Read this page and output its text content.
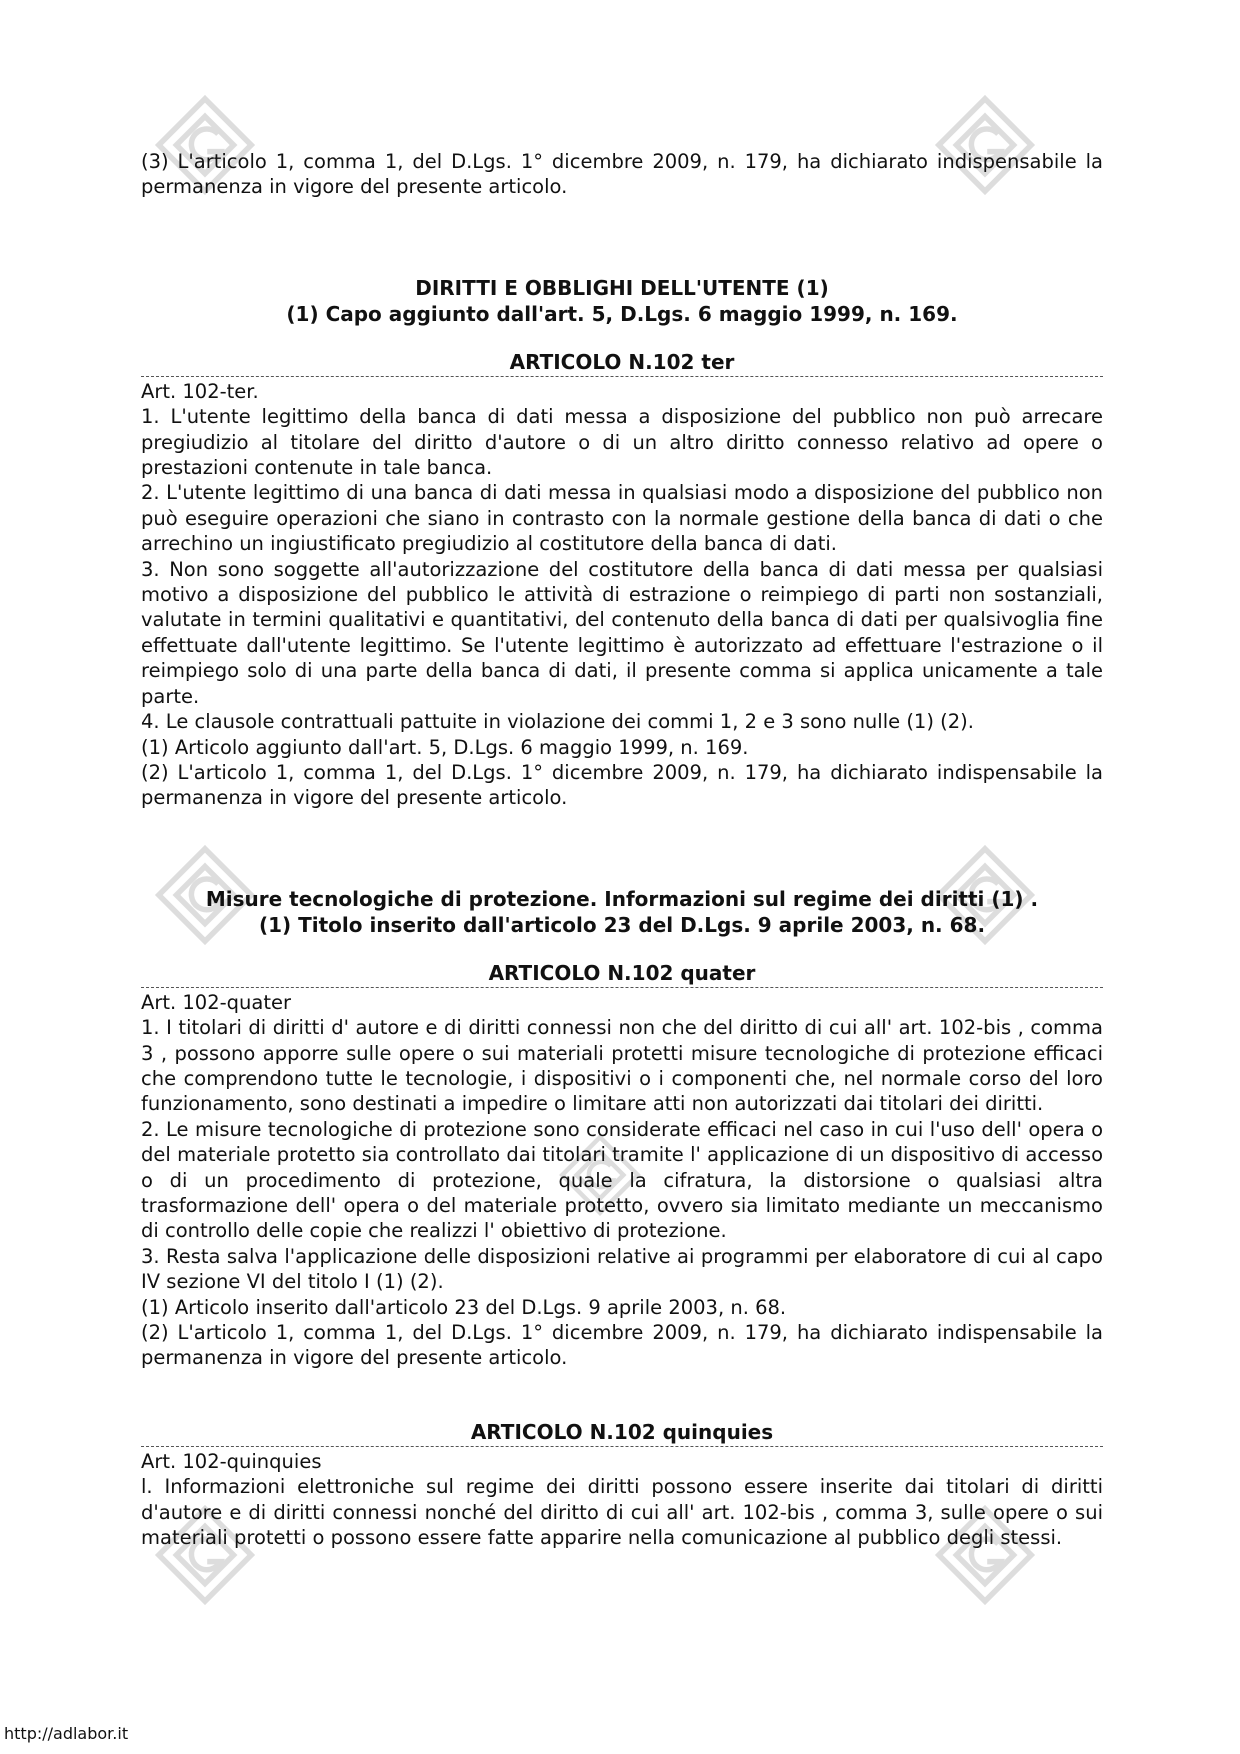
(3) L'articolo 1, comma 1, del D.Lgs. 1° dicembre 2009, n. 179, ha dichiarato indispensabile la permanenza in vigore del presente articolo.

DIRITTI E OBBLIGHI DELL'UTENTE (1)
(1) Capo aggiunto dall'art. 5, D.Lgs. 6 maggio 1999, n. 169.
ARTICOLO N.102 ter

Art. 102-ter.

1. L'utente legittimo della banca di dati messa a disposizione del pubblico non può arrecare pregiudizio al titolare del diritto d'autore o di un altro diritto connesso relativo ad opere o prestazioni contenute in tale banca.

2. L'utente legittimo di una banca di dati messa in qualsiasi modo a disposizione del pubblico non può eseguire operazioni che siano in contrasto con la normale gestione della banca di dati o che arrechino un ingiustificato pregiudizio al costitutore della banca di dati.

3. Non sono soggette all'autorizzazione del costitutore della banca di dati messa per qualsiasi motivo a disposizione del pubblico le attività di estrazione o reimpiego di parti non sostanziali, valutate in termini qualitativi e quantitativi, del contenuto della banca di dati per qualsivoglia fine effettuate dall'utente legittimo. Se l'utente legittimo è autorizzato ad effettuare l'estrazione o il reimpiego solo di una parte della banca di dati, il presente comma si applica unicamente a tale parte.

4. Le clausole contrattuali pattuite in violazione dei commi 1, 2 e 3 sono nulle (1) (2).

(1) Articolo aggiunto dall'art. 5, D.Lgs. 6 maggio 1999, n. 169.

(2) L'articolo 1, comma 1, del D.Lgs. 1° dicembre 2009, n. 179, ha dichiarato indispensabile la permanenza in vigore del presente articolo.

Misure tecnologiche di protezione. Informazioni sul regime dei diritti (1) .
(1) Titolo inserito dall'articolo 23 del D.Lgs. 9 aprile 2003, n. 68.
ARTICOLO N.102 quater

Art. 102-quater

1. I titolari di diritti d' autore e di diritti connessi non che del diritto di cui all' art. 102-bis , comma 3 , possono apporre sulle opere o sui materiali protetti misure tecnologiche di protezione efficaci che comprendono tutte le tecnologie, i dispositivi o i componenti che, nel normale corso del loro funzionamento, sono destinati a impedire o limitare atti non autorizzati dai titolari dei diritti.

2. Le misure tecnologiche di protezione sono considerate efficaci nel caso in cui l'uso dell' opera o del materiale protetto sia controllato dai titolari tramite l' applicazione di un dispositivo di accesso o di un procedimento di protezione, quale la cifratura, la distorsione o qualsiasi altra trasformazione dell' opera o del materiale protetto, ovvero sia limitato mediante un meccanismo di controllo delle copie che realizzi l' obiettivo di protezione.

3. Resta salva l'applicazione delle disposizioni relative ai programmi per elaboratore di cui al capo IV sezione VI del titolo I (1) (2).

(1) Articolo inserito dall'articolo 23 del D.Lgs. 9 aprile 2003, n. 68.

(2) L'articolo 1, comma 1, del D.Lgs. 1° dicembre 2009, n. 179, ha dichiarato indispensabile la permanenza in vigore del presente articolo.

ARTICOLO N.102 quinquies

Art. 102-quinquies

l. Informazioni elettroniche sul regime dei diritti possono essere inserite dai titolari di diritti d'autore e di diritti connessi nonché del diritto di cui all' art. 102-bis , comma 3, sulle opere o sui materiali protetti o possono essere fatte apparire nella comunicazione al pubblico degli stessi.

http://adlabor.it
